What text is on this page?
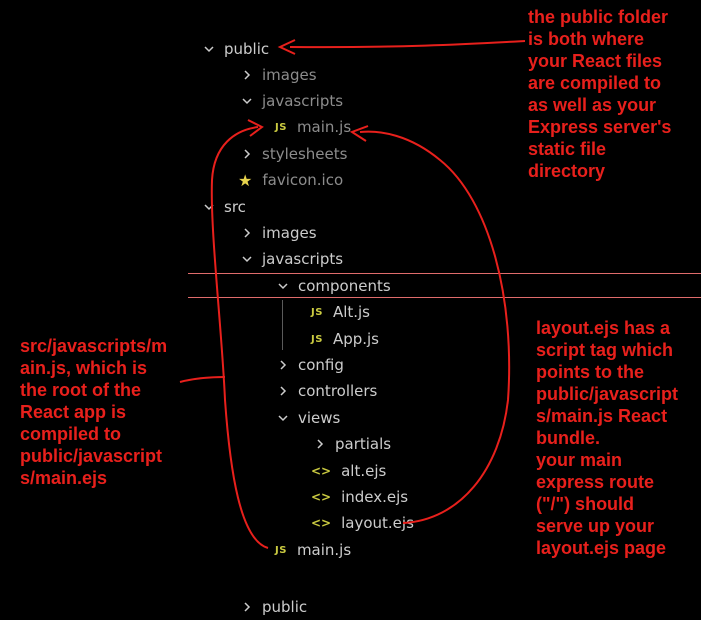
public
images
javascripts
JS main.js
stylesheets
★ favicon.ico
src
images
javascripts
components
JS Alt.js
JS App.js
config
controllers
views
partials
<> alt.ejs
<> index.ejs
<> layout.ejs
JS main.js
public
the public folder
is both where
your React files
are compiled to
as well as your
Express server's
static file
directory
src/javascripts/m
ain.js, which is
the root of the
React app is
compiled to
public/javascript
s/main.ejs
layout.ejs has a
script tag which
points to the
public/javascript
s/main.js React
bundle.
your main
express route
("/") should
serve up your
layout.ejs page
